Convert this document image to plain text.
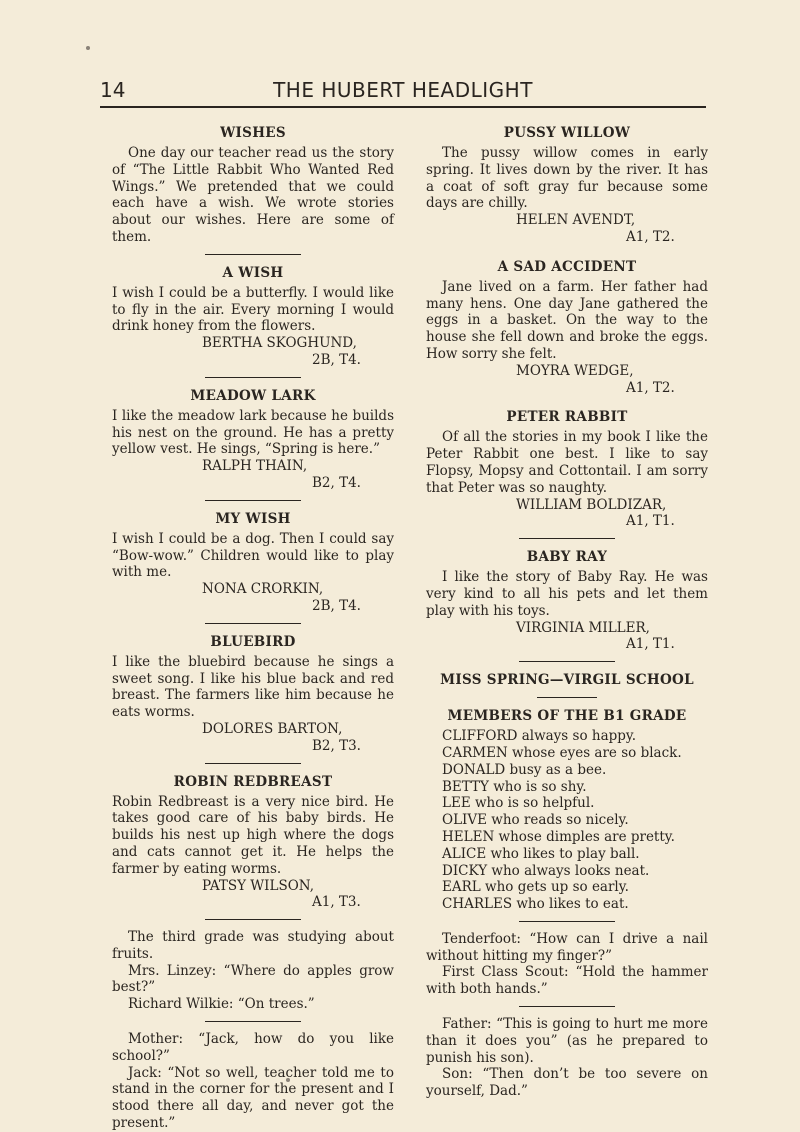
14	THE HUBERT HEADLIGHT
WISHES

One day our teacher read us the story of “The Little Rabbit Who Wanted Red Wings.” We pretended that we could each have a wish. We wrote stories about our wishes. Here are some of them.

A WISH

I wish I could be a butterfly. I would like to fly in the air. Every morning I would drink honey from the flowers.

BERTHA SKOGHUND,

2B, T4.

MEADOW LARK

I like the meadow lark because he builds his nest on the ground. He has a pretty yellow vest. He sings, “Spring is here.”

RALPH THAIN,

B2, T4.

MY WISH

I wish I could be a dog. Then I could say “Bow-wow.” Children would like to play with me.

NONA CRORKIN,

2B, T4.

BLUEBIRD

I like the bluebird because he sings a sweet song. I like his blue back and red breast. The farmers like him because he eats worms.

DOLORES BARTON,

B2, T3.

ROBIN REDBREAST

Robin Redbreast is a very nice bird. He takes good care of his baby birds. He builds his nest up high where the dogs and cats cannot get it. He helps the farmer by eating worms.

PATSY WILSON,

A1, T3.

The third grade was studying about fruits.

Mrs. Linzey: “Where do apples grow best?”

Richard Wilkie: “On trees.”

Mother: “Jack, how do you like school?”

Jack: “Not so well, teacher told me to stand in the corner for the present and I stood there all day, and never got the present.”

PUSSY WILLOW

The pussy willow comes in early spring. It lives down by the river. It has a coat of soft gray fur because some days are chilly.

HELEN AVENDT,

A1, T2.

A SAD ACCIDENT

Jane lived on a farm. Her father had many hens. One day Jane gathered the eggs in a basket. On the way to the house she fell down and broke the eggs. How sorry she felt.

MOYRA WEDGE,

A1, T2.

PETER RABBIT

Of all the stories in my book I like the Peter Rabbit one best. I like to say Flopsy, Mopsy and Cottontail. I am sorry that Peter was so naughty.

WILLIAM BOLDIZAR,

A1, T1.

BABY RAY

I like the story of Baby Ray. He was very kind to all his pets and let them play with his toys.

VIRGINIA MILLER,

A1, T1.

MISS SPRING—VIRGIL SCHOOL
MEMBERS OF THE B1 GRADE

CLIFFORD always so happy.

CARMEN whose eyes are so black.

DONALD busy as a bee.

BETTY who is so shy.

LEE who is so helpful.

OLIVE who reads so nicely.

HELEN whose dimples are pretty.

ALICE who likes to play ball.

DICKY who always looks neat.

EARL who gets up so early.

CHARLES who likes to eat.

Tenderfoot: “How can I drive a nail without hitting my finger?”

First Class Scout: “Hold the hammer with both hands.”

Father: “This is going to hurt me more than it does you” (as he prepared to punish his son).

Son: “Then don’t be too severe on yourself, Dad.”
